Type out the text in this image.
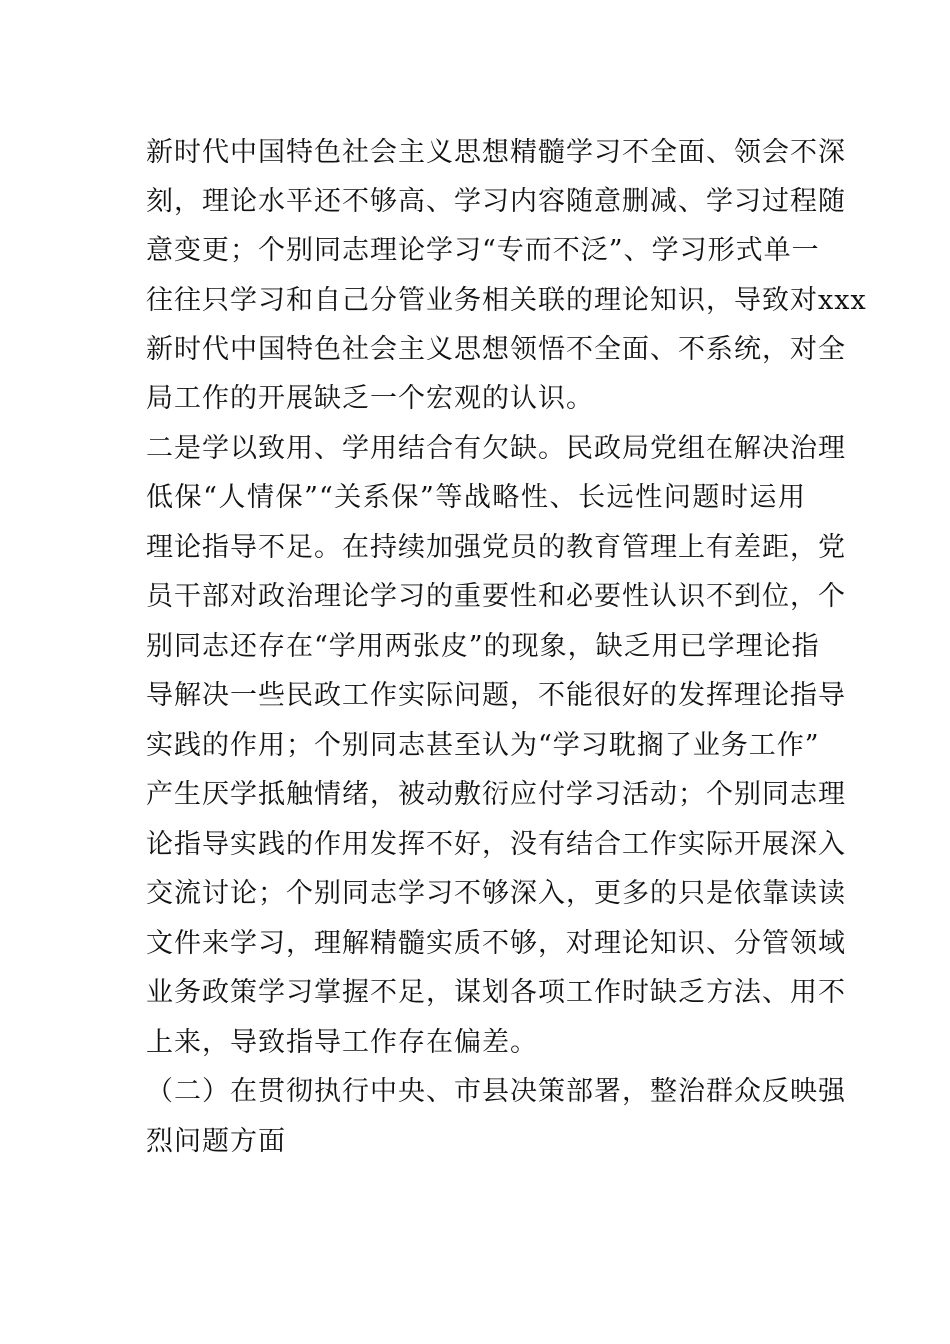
新时代中国特色社会主义思想精髓学习不全面、领会不深
刻，理论水平还不够高、学习内容随意删减、学习过程随
意变更；个别同志理论学习“专而不泛”、学习形式单一
往往只学习和自己分管业务相关联的理论知识，导致对xxx
新时代中国特色社会主义思想领悟不全面、不系统，对全
局工作的开展缺乏一个宏观的认识。
二是学以致用、学用结合有欠缺。民政局党组在解决治理
低保“人情保”“关系保”等战略性、长远性问题时运用
理论指导不足。在持续加强党员的教育管理上有差距，党
员干部对政治理论学习的重要性和必要性认识不到位，个
别同志还存在“学用两张皮”的现象，缺乏用已学理论指
导解决一些民政工作实际问题，不能很好的发挥理论指导
实践的作用；个别同志甚至认为“学习耽搁了业务工作”
产生厌学抵触情绪，被动敷衍应付学习活动；个别同志理
论指导实践的作用发挥不好，没有结合工作实际开展深入
交流讨论；个别同志学习不够深入，更多的只是依靠读读
文件来学习，理解精髓实质不够，对理论知识、分管领域
业务政策学习掌握不足，谋划各项工作时缺乏方法、用不
上来，导致指导工作存在偏差。
（二）在贯彻执行中央、市县决策部署，整治群众反映强
烈问题方面
